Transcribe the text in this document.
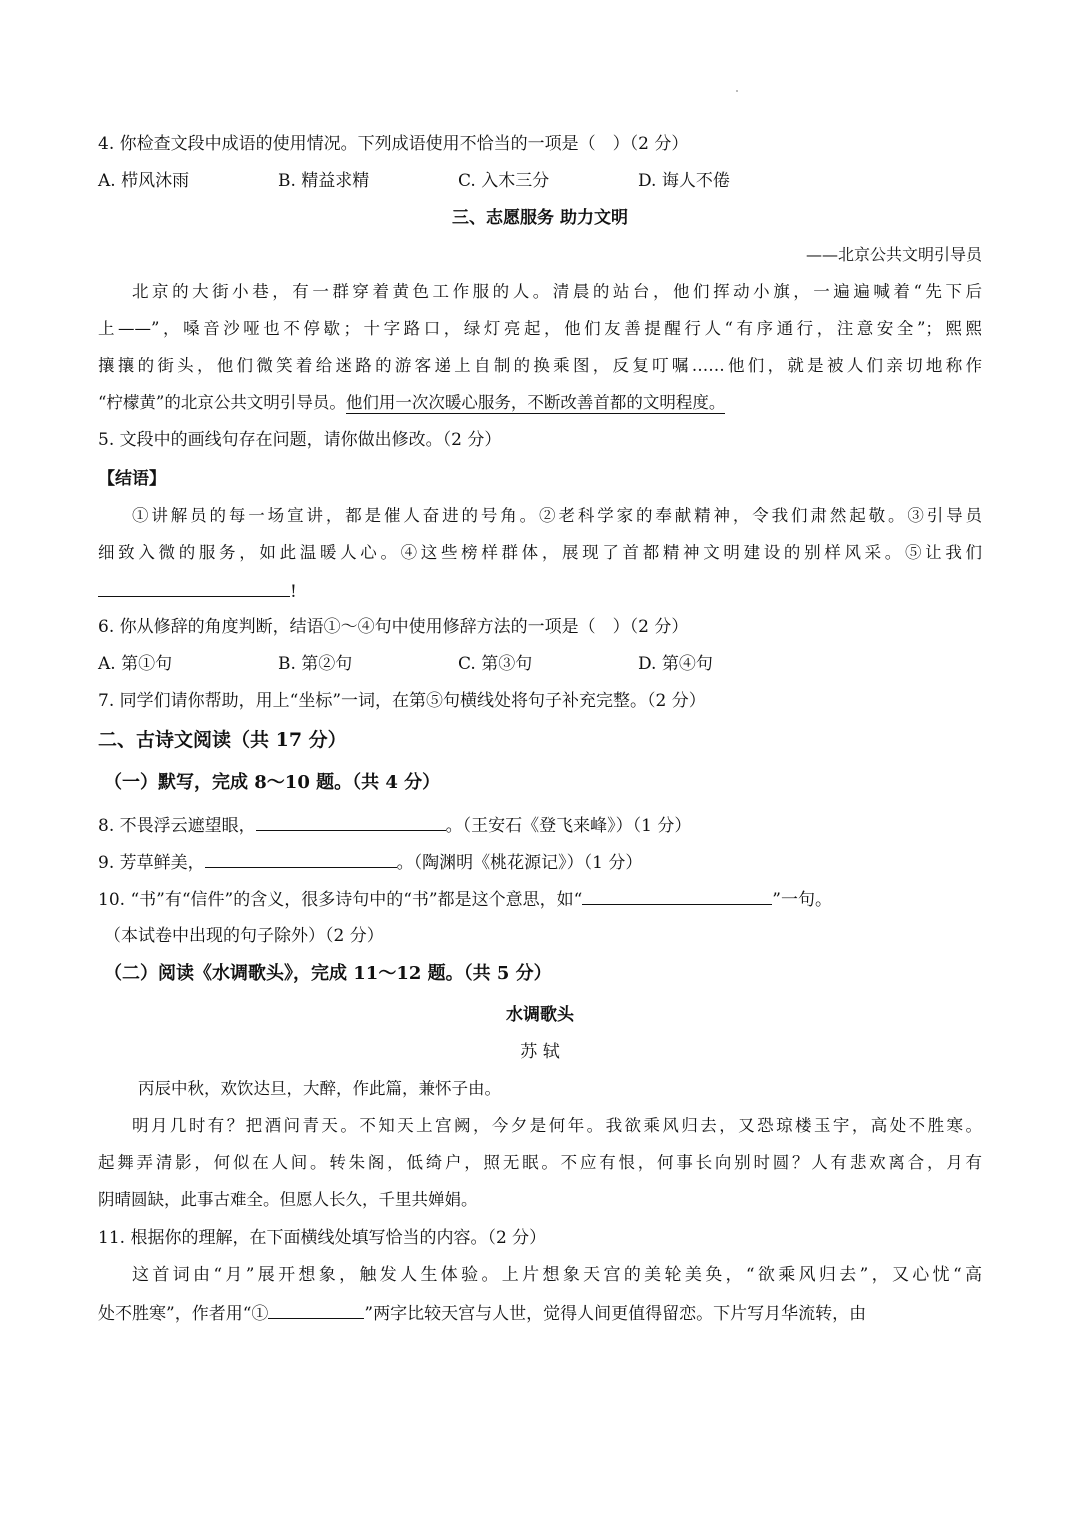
4. 你检查文段中成语的使用情况。下列成语使用不恰当的一项是（　）（2 分）
A. 栉风沐雨	B. 精益求精	C. 入木三分	D. 诲人不倦
三、志愿服务 助力文明
——北京公共文明引导员
北京的大街小巷，有一群穿着黄色工作服的人。清晨的站台，他们挥动小旗，一遍遍喊着“先下后
上——”，嗓音沙哑也不停歇；十字路口，绿灯亮起，他们友善提醒行人“有序通行，注意安全”；熙熙
攘攘的街头，他们微笑着给迷路的游客递上自制的换乘图，反复叮嘱……他们，就是被人们亲切地称作
“柠檬黄”的北京公共文明引导员。他们用一次次暖心服务，不断改善首都的文明程度。
5. 文段中的画线句存在问题，请你做出修改。（2 分）
【结语】
①讲解员的每一场宣讲，都是催人奋进的号角。②老科学家的奉献精神，令我们肃然起敬。③引导员
细致入微的服务，如此温暖人心。④这些榜样群体，展现了首都精神文明建设的别样风采。⑤让我们
!
6. 你从修辞的角度判断，结语①～④句中使用修辞方法的一项是（　）（2 分）
A. 第①句	B. 第②句	C. 第③句	D. 第④句
7. 同学们请你帮助，用上“坐标”一词，在第⑤句横线处将句子补充完整。（2 分）
二、古诗文阅读（共 17 分）
（一）默写，完成 8～10 题。（共 4 分）
8. 不畏浮云遮望眼，	。（王安石《登飞来峰》）（1 分）
9. 芳草鲜美，	。（陶渊明《桃花源记》）（1 分）
10. “书”有“信件”的含义，很多诗句中的“书”都是这个意思，如“	”一句。
（本试卷中出现的句子除外）（2 分）
（二）阅读《水调歌头》，完成 11～12 题。（共 5 分）
水调歌头
苏 轼
丙辰中秋，欢饮达旦，大醉，作此篇，兼怀子由。
明月几时有？把酒问青天。不知天上宫阙，今夕是何年。我欲乘风归去，又恐琼楼玉宇，高处不胜寒。
起舞弄清影，何似在人间。转朱阁，低绮户，照无眠。不应有恨，何事长向别时圆？人有悲欢离合，月有
阴晴圆缺，此事古难全。但愿人长久，千里共婵娟。
11. 根据你的理解，在下面横线处填写恰当的内容。（2 分）
这首词由“月”展开想象，触发人生体验。上片想象天宫的美轮美奂，“欲乘风归去”，又心忧“高
处不胜寒”，作者用“①	”两字比较天宫与人世，觉得人间更值得留恋。下片写月华流转，由
